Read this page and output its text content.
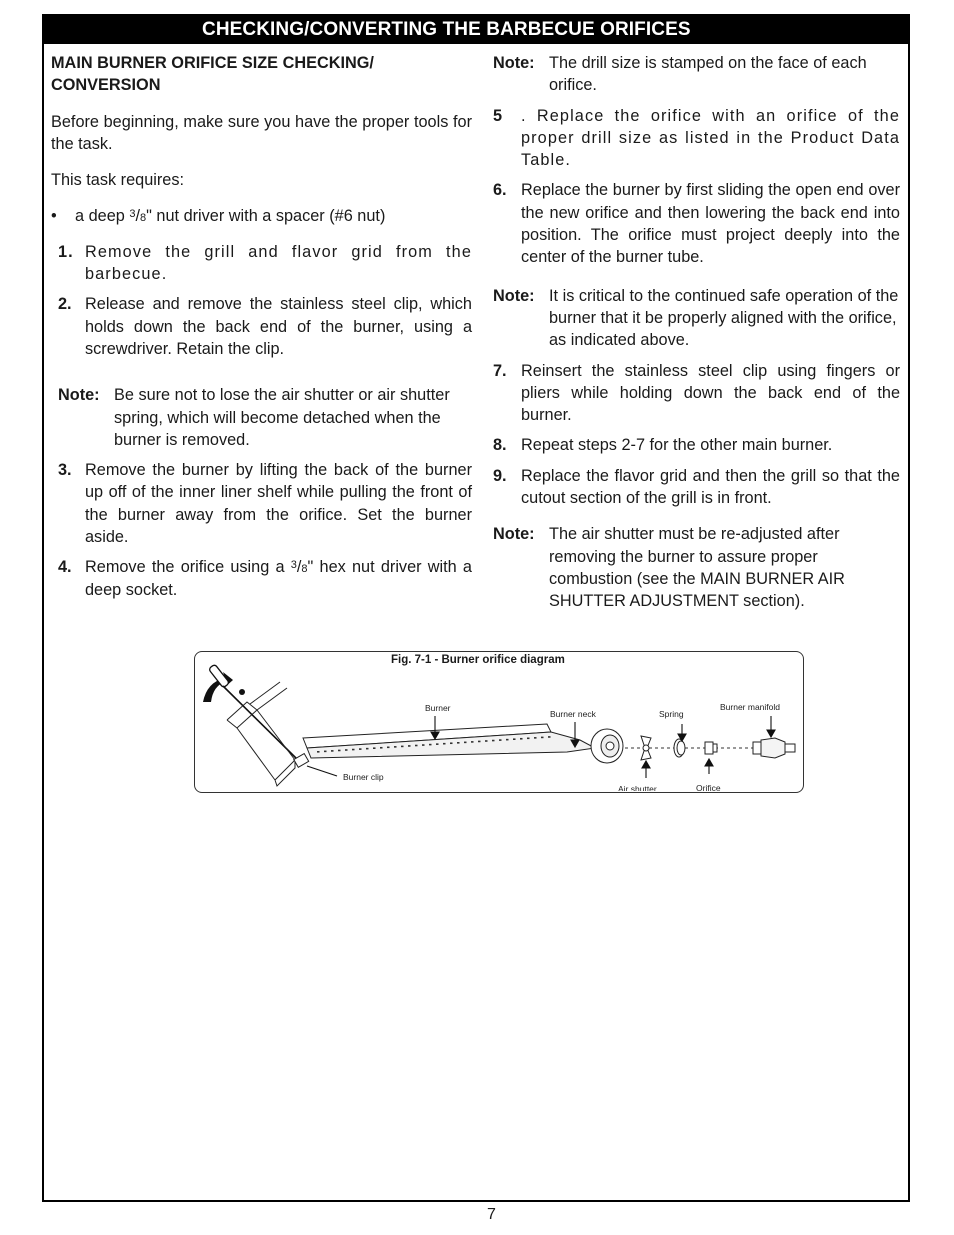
CHECKING/CONVERTING THE BARBECUE ORIFICES

MAIN BURNER ORIFICE SIZE CHECKING/ CONVERSION

Before beginning, make sure you have the proper tools for the task.

This task requires:

•	a deep $^3/_8$" nut driver with a spacer (#6 nut)
1. Remove the grill and flavor grid from the barbecue.
2. Release and remove the stainless steel clip, which holds down the back end of the burner, using a screwdriver. Retain the clip.
Note: Be sure not to lose the air shutter or air shutter spring, which will become detached when the burner is removed.
3. Remove the burner by lifting the back of the burner up off of the inner liner shelf while pulling the front of the burner away from the orifice. Set the burner aside.
4. Remove the orifice using a $^3/_8$" hex nut driver with a deep socket.
Note: The drill size is stamped on the face of each orifice.
5 . Replace the orifice with an orifice of the proper drill size as listed in the Product Data Table.
6. Replace the burner by first sliding the open end over the new orifice and then lowering the back end into position. The orifice must project deeply into the center of the burner tube.
Note: It is critical to the continued safe operation of the burner that it be properly aligned with the orifice, as indicated above.
7. Reinsert the stainless steel clip using fingers or pliers while holding down the back end of the burner.
8. Repeat steps 2-7 for the other main burner.
9. Replace the flavor grid and then the grill so that the cutout section of the grill is in front.
Note: The air shutter must be re-adjusted after removing the burner to assure proper combustion (see the MAIN BURNER AIR SHUTTER ADJUSTMENT section).
Fig. 7-1 - Burner orifice diagram
Burner
Burner neck	Spring
Burner manifold
Burner clip
Air shutter	Orifice
7
